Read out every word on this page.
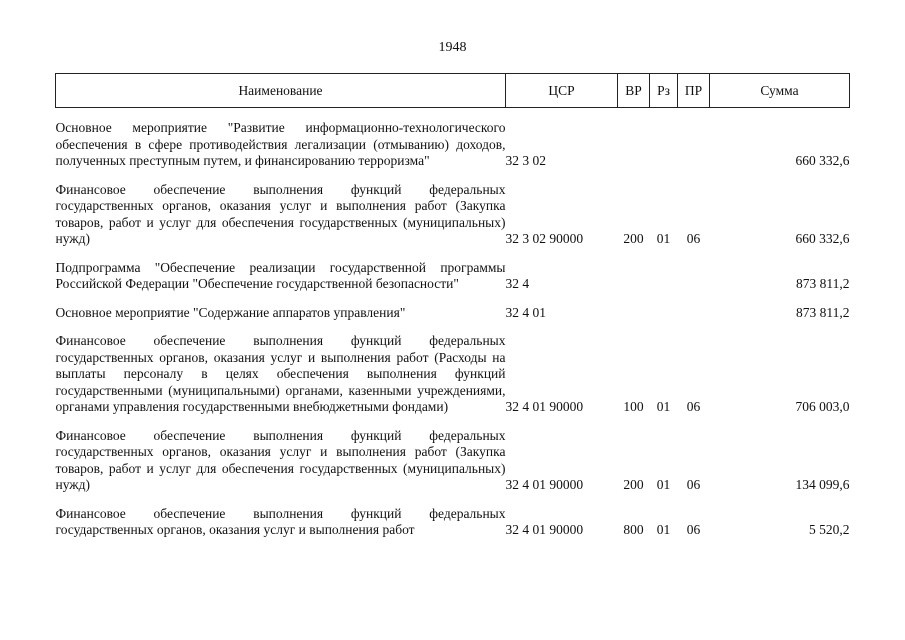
1948
Наименование	ЦСР	ВР	Рз	ПР	Сумма

Основное мероприятие "Развитие информационно-технологического обеспечения в сфере противодействия легализации (отмыванию) доходов, полученных преступным путем, и финансированию терроризма"	32 3 02				660 332,6

Финансовое обеспечение выполнения функций федеральных государственных органов, оказания услуг и выполнения работ (Закупка товаров, работ и услуг для обеспечения государственных (муниципальных) нужд)	32 3 02 90000	200	01	06	660 332,6

Подпрограмма "Обеспечение реализации государственной программы Российской Федерации "Обеспечение государственной безопасности"	32 4				873 811,2

Основное мероприятие "Содержание аппаратов управления"	32 4 01				873 811,2

Финансовое обеспечение выполнения функций федеральных государственных органов, оказания услуг и выполнения работ (Расходы на выплаты персоналу в целях обеспечения выполнения функций государственными (муниципальными) органами, казенными учреждениями, органами управления государственными внебюджетными фондами)	32 4 01 90000	100	01	06	706 003,0

Финансовое обеспечение выполнения функций федеральных государственных органов, оказания услуг и выполнения работ (Закупка товаров, работ и услуг для обеспечения государственных (муниципальных) нужд)	32 4 01 90000	200	01	06	134 099,6

Финансовое обеспечение выполнения функций федеральных государственных органов, оказания услуг и выполнения работ	32 4 01 90000	800	01	06	5 520,2
